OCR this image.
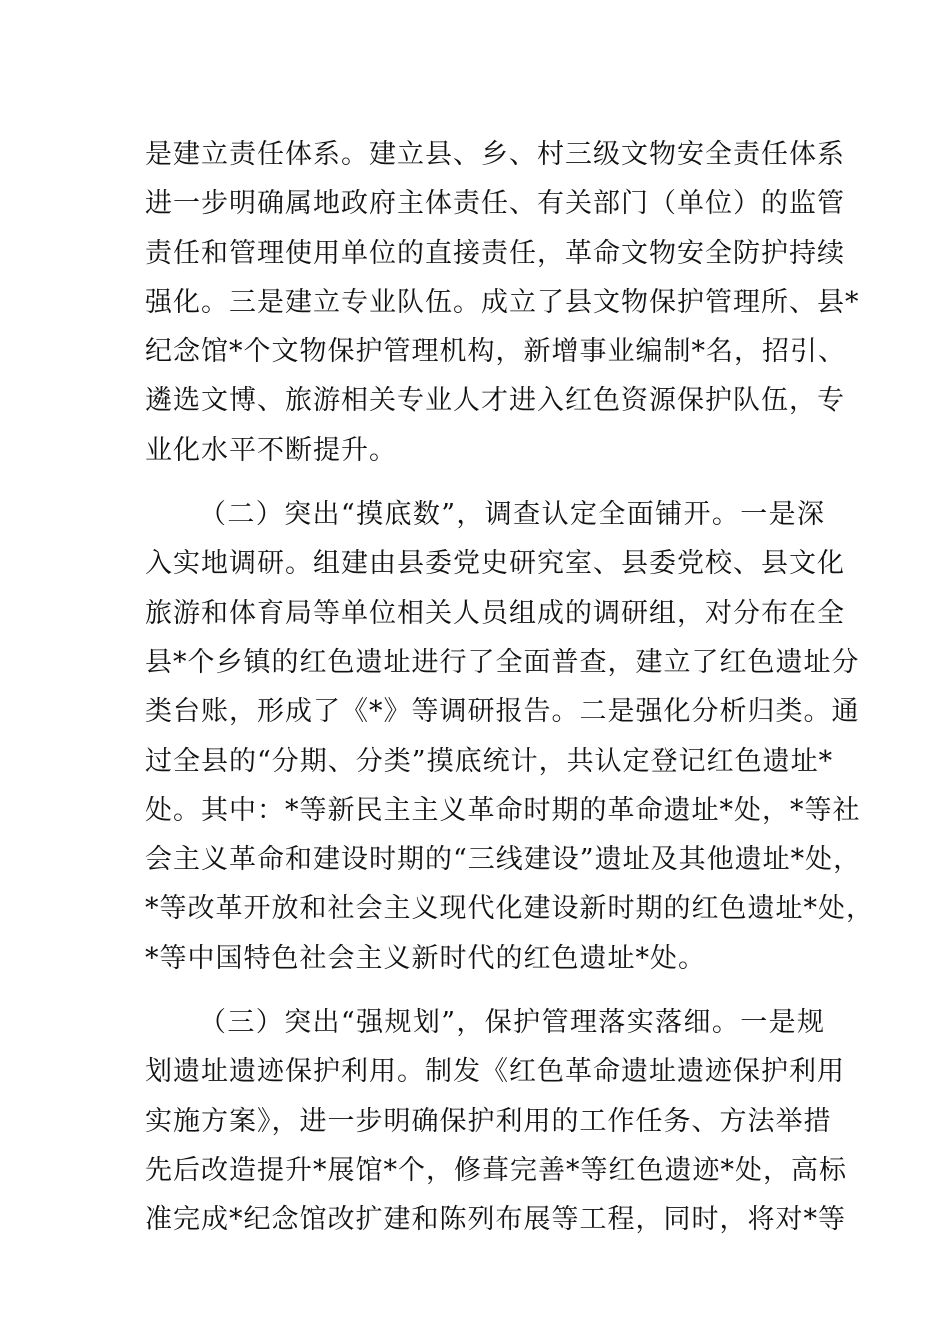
是建立责任体系。建立县、乡、村三级文物安全责任体系
进一步明确属地政府主体责任、有关部门（单位）的监管
责任和管理使用单位的直接责任，革命文物安全防护持续
强化。三是建立专业队伍。成立了县文物保护管理所、县*
纪念馆*个文物保护管理机构，新增事业编制*名，招引、
遴选文博、旅游相关专业人才进入红色资源保护队伍，专
业化水平不断提升。
（二）突出“摸底数”，调查认定全面铺开。一是深
入实地调研。组建由县委党史研究室、县委党校、县文化
旅游和体育局等单位相关人员组成的调研组，对分布在全
县*个乡镇的红色遗址进行了全面普查，建立了红色遗址分
类台账，形成了《*》等调研报告。二是强化分析归类。通
过全县的“分期、分类”摸底统计，共认定登记红色遗址*
处。其中：*等新民主主义革命时期的革命遗址*处，*等社
会主义革命和建设时期的“三线建设”遗址及其他遗址*处，
*等改革开放和社会主义现代化建设新时期的红色遗址*处，
*等中国特色社会主义新时代的红色遗址*处。
（三）突出“强规划”，保护管理落实落细。一是规
划遗址遗迹保护利用。制发《红色革命遗址遗迹保护利用
实施方案》，进一步明确保护利用的工作任务、方法举措
先后改造提升*展馆*个，修葺完善*等红色遗迹*处，高标
准完成*纪念馆改扩建和陈列布展等工程，同时，将对*等
